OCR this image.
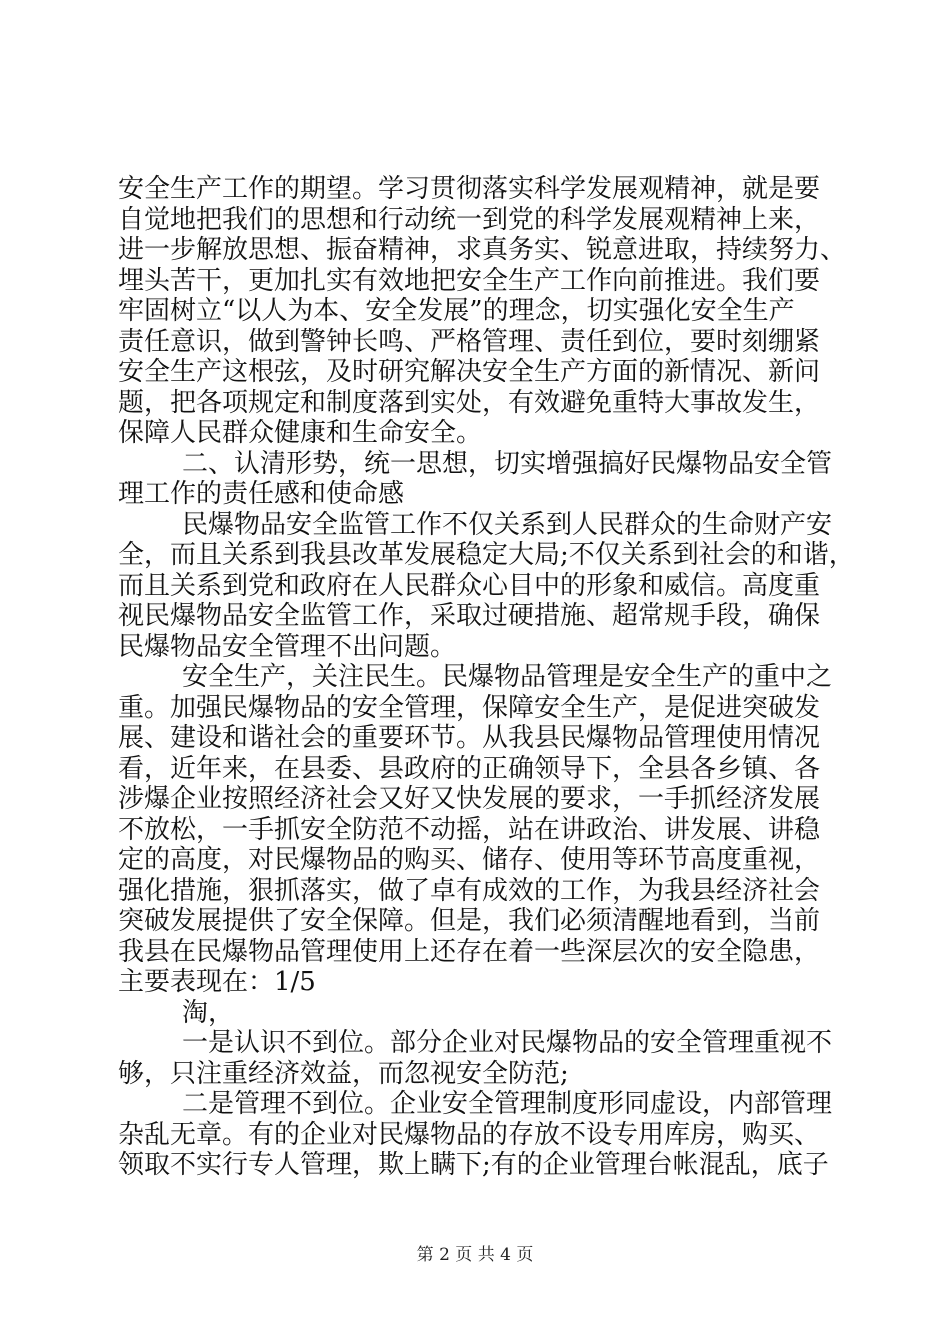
安全生产工作的期望。学习贯彻落实科学发展观精神，就是要
自觉地把我们的思想和行动统一到党的科学发展观精神上来，
进一步解放思想、振奋精神，求真务实、锐意进取，持续努力、
埋头苦干，更加扎实有效地把安全生产工作向前推进。我们要
牢固树立“以人为本、安全发展”的理念，切实强化安全生产
责任意识，做到警钟长鸣、严格管理、责任到位，要时刻绷紧
安全生产这根弦，及时研究解决安全生产方面的新情况、新问
题，把各项规定和制度落到实处，有效避免重特大事故发生，
保障人民群众健康和生命安全。
二、认清形势，统一思想，切实增强搞好民爆物品安全管
理工作的责任感和使命感
民爆物品安全监管工作不仅关系到人民群众的生命财产安
全，而且关系到我县改革发展稳定大局;不仅关系到社会的和谐，
而且关系到党和政府在人民群众心目中的形象和威信。高度重
视民爆物品安全监管工作，采取过硬措施、超常规手段，确保
民爆物品安全管理不出问题。
安全生产，关注民生。民爆物品管理是安全生产的重中之
重。加强民爆物品的安全管理，保障安全生产，是促进突破发
展、建设和谐社会的重要环节。从我县民爆物品管理使用情况
看，近年来，在县委、县政府的正确领导下，全县各乡镇、各
涉爆企业按照经济社会又好又快发展的要求，一手抓经济发展
不放松，一手抓安全防范不动摇，站在讲政治、讲发展、讲稳
定的高度，对民爆物品的购买、储存、使用等环节高度重视，
强化措施，狠抓落实，做了卓有成效的工作，为我县经济社会
突破发展提供了安全保障。但是，我们必须清醒地看到，当前
我县在民爆物品管理使用上还存在着一些深层次的安全隐患，
主要表现在：1/5
淘，
一是认识不到位。部分企业对民爆物品的安全管理重视不
够，只注重经济效益，而忽视安全防范;
二是管理不到位。企业安全管理制度形同虚设，内部管理
杂乱无章。有的企业对民爆物品的存放不设专用库房，购买、
领取不实行专人管理，欺上瞒下;有的企业管理台帐混乱，底子
第 2 页 共 4 页
